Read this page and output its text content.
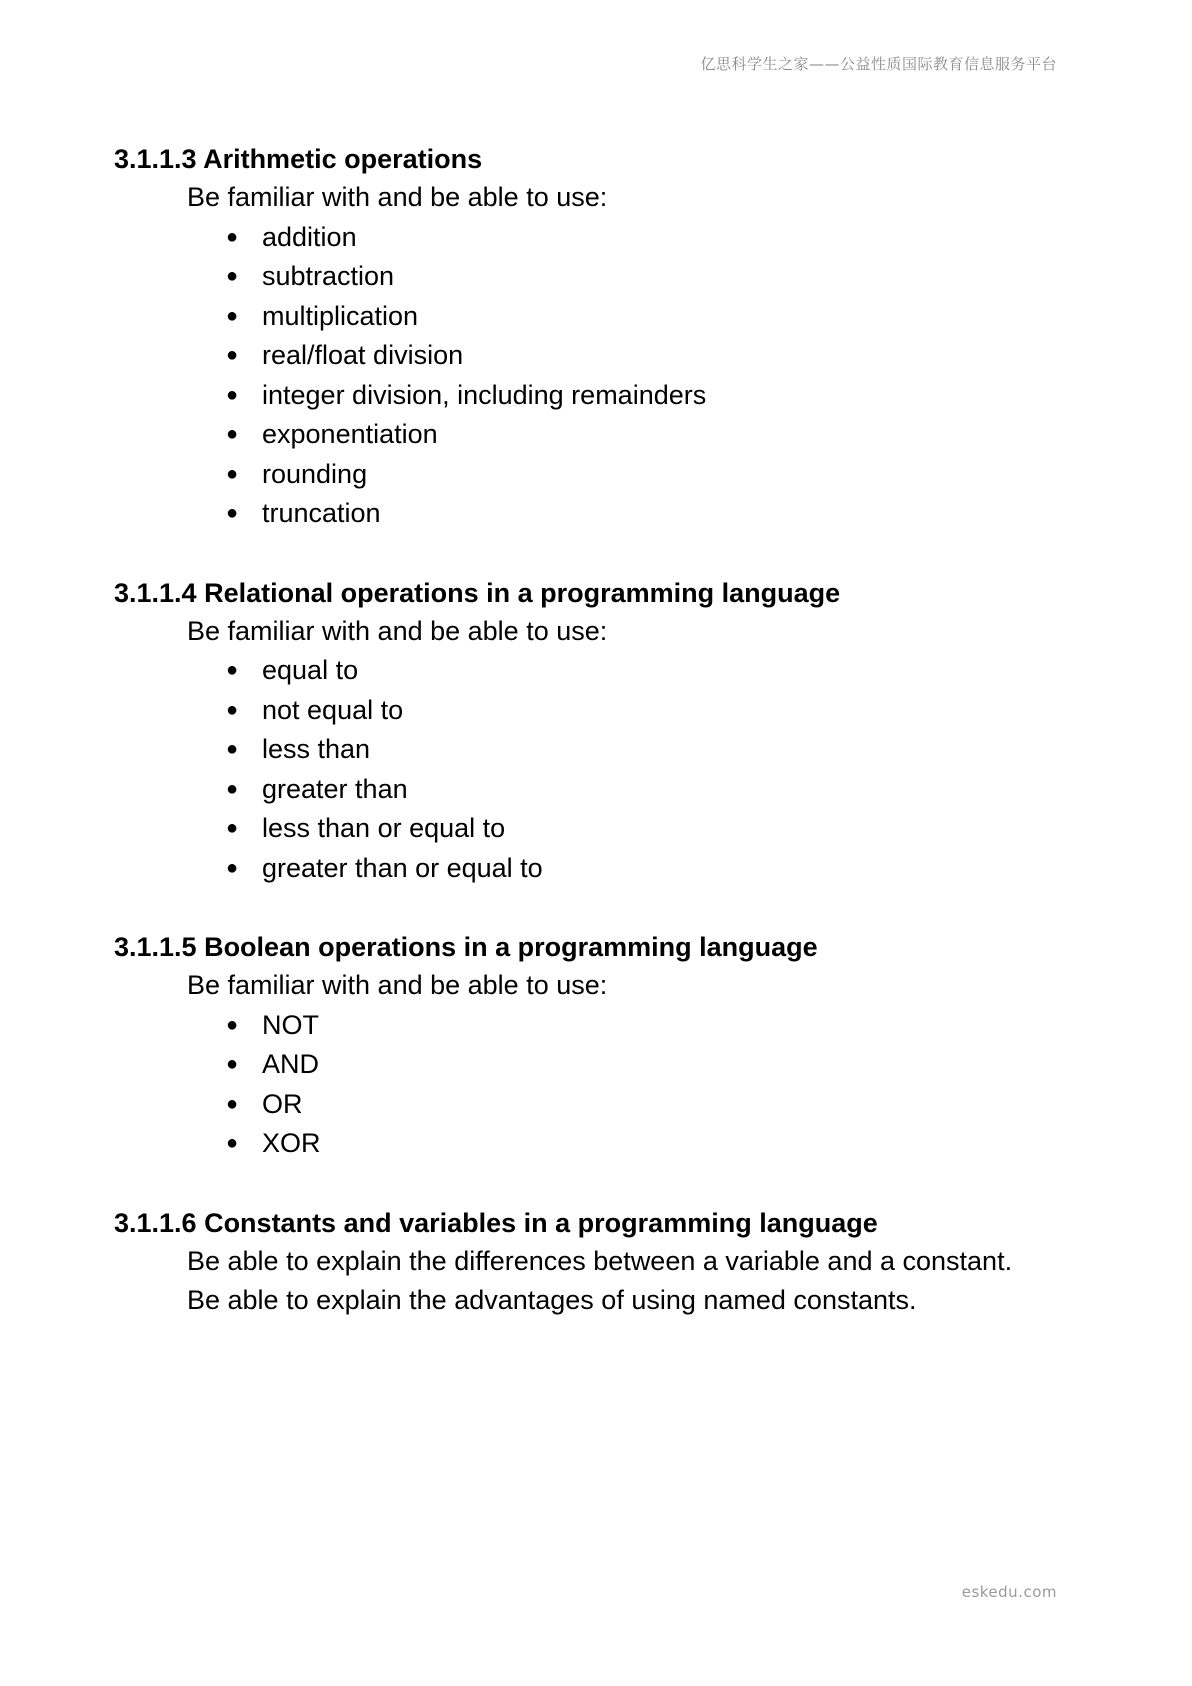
亿思科学生之家——公益性质国际教育信息服务平台
3.1.1.3 Arithmetic operations

Be familiar with and be able to use:

● addition
● subtraction
● multiplication
● real/float division
● integer division, including remainders
● exponentiation
● rounding
● truncation
3.1.1.4 Relational operations in a programming language

Be familiar with and be able to use:

● equal to
● not equal to
● less than
● greater than
● less than or equal to
● greater than or equal to
3.1.1.5 Boolean operations in a programming language

Be familiar with and be able to use:

● NOT
● AND
● OR
● XOR
3.1.1.6 Constants and variables in a programming language

Be able to explain the differences between a variable and a constant.

Be able to explain the advantages of using named constants.

eskedu.com
